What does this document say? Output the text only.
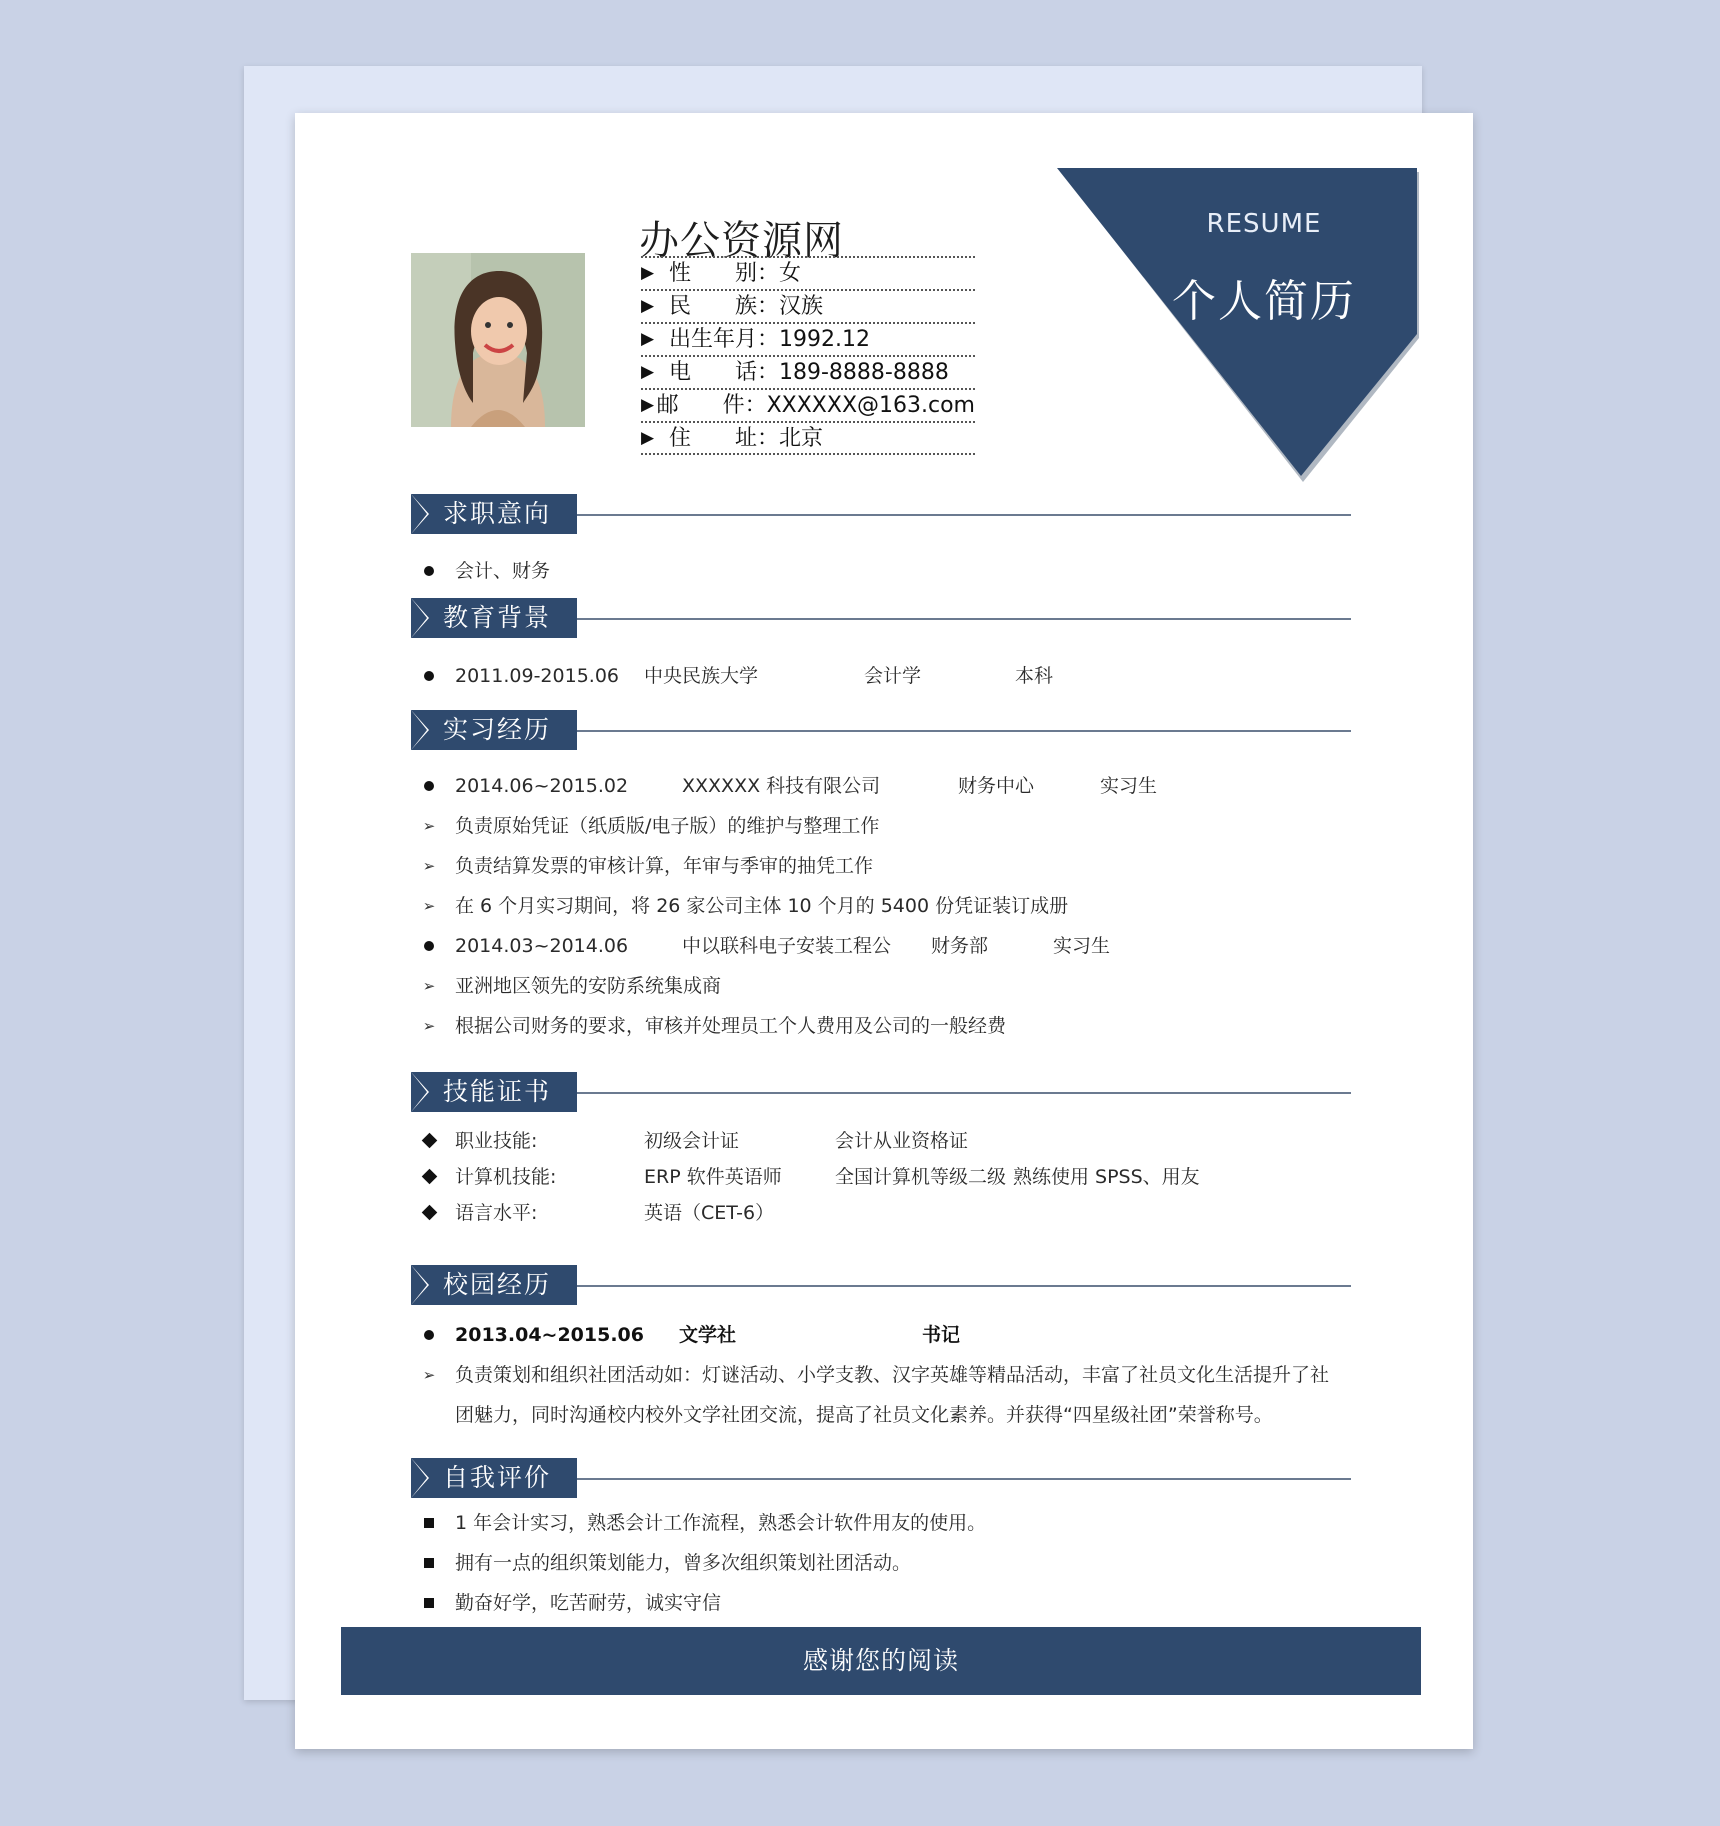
办公资源网
▶ 性　　别： 女
▶ 民　　族： 汉族
▶ 出生年月： 1992.12
▶ 电　　话： 189-8888-8888
▶ 邮　　件： XXXXXX@163.com
▶ 住　　址： 北京
RESUME
个人简历
求职意向
会计、财务
教育背景
2011.09-2015.06 中央民族大学	会计学	本科
实习经历
2014.06~2015.02	XXXXXX 科技有限公司	财务中心	实习生
➢ 负责原始凭证（纸质版/电子版）的维护与整理工作
➢ 负责结算发票的审核计算，年审与季审的抽凭工作
➢ 在 6 个月实习期间，将 26 家公司主体 10 个月的 5400 份凭证装订成册
2014.03~2014.06	中以联科电子安装工程公 财务部	实习生
➢ 亚洲地区领先的安防系统集成商
➢ 根据公司财务的要求，审核并处理员工个人费用及公司的一般经费
技能证书
职业技能:	初级会计证	会计从业资格证
计算机技能:	ERP 软件英语师	全国计算机等级二级 熟练使用 SPSS、用友
语言水平:	英语（CET-6）
校园经历
2013.04~2015.06 文学社	书记
➢ 负责策划和组织社团活动如：灯谜活动、小学支教、汉字英雄等精品活动，丰富了社员文化生活提升了社
团魅力，同时沟通校内校外文学社团交流，提高了社员文化素养。并获得“四星级社团”荣誉称号。
自我评价
1 年会计实习，熟悉会计工作流程，熟悉会计软件用友的使用。
拥有一点的组织策划能力，曾多次组织策划社团活动。
勤奋好学，吃苦耐劳，诚实守信
感谢您的阅读
